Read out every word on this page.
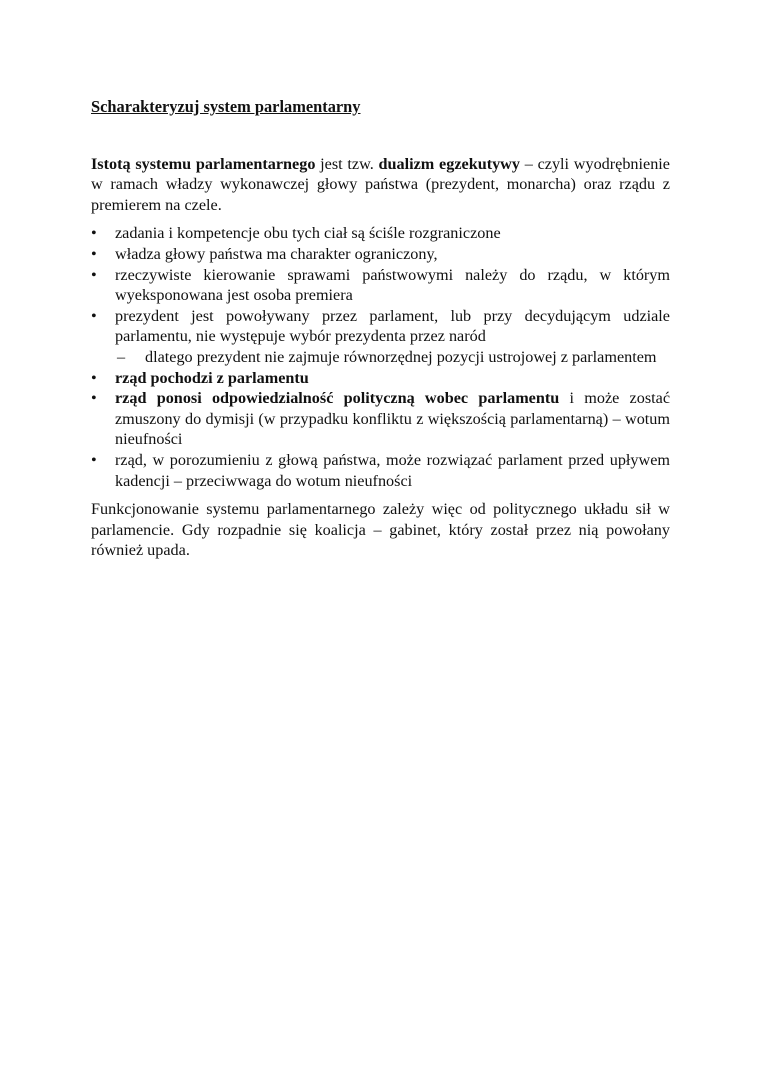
Scharakteryzuj system parlamentarny

Istotą systemu parlamentarnego jest tzw. dualizm egzekutywy – czyli wyodrębnienie w ramach władzy wykonawczej głowy państwa (prezydent, monarcha) oraz rządu z premierem na czele.

• zadania i kompetencje obu tych ciał są ściśle rozgraniczone
• władza głowy państwa ma charakter ograniczony,
• rzeczywiste kierowanie sprawami państwowymi należy do rządu, w którym wyeksponowana jest osoba premiera
• prezydent jest powoływany przez parlament, lub przy decydującym udziale parlamentu, nie występuje wybór prezydenta przez naród
– dlatego prezydent nie zajmuje równorzędnej pozycji ustrojowej z parlamentem
• rząd pochodzi z parlamentu
• rząd ponosi odpowiedzialność polityczną wobec parlamentu i może zostać zmuszony do dymisji (w przypadku konfliktu z większością parlamentarną) – wotum nieufności
• rząd, w porozumieniu z głową państwa, może rozwiązać parlament przed upływem kadencji – przeciwwaga do wotum nieufności

Funkcjonowanie systemu parlamentarnego zależy więc od politycznego układu sił w parlamencie. Gdy rozpadnie się koalicja – gabinet, który został przez nią powołany również upada.
